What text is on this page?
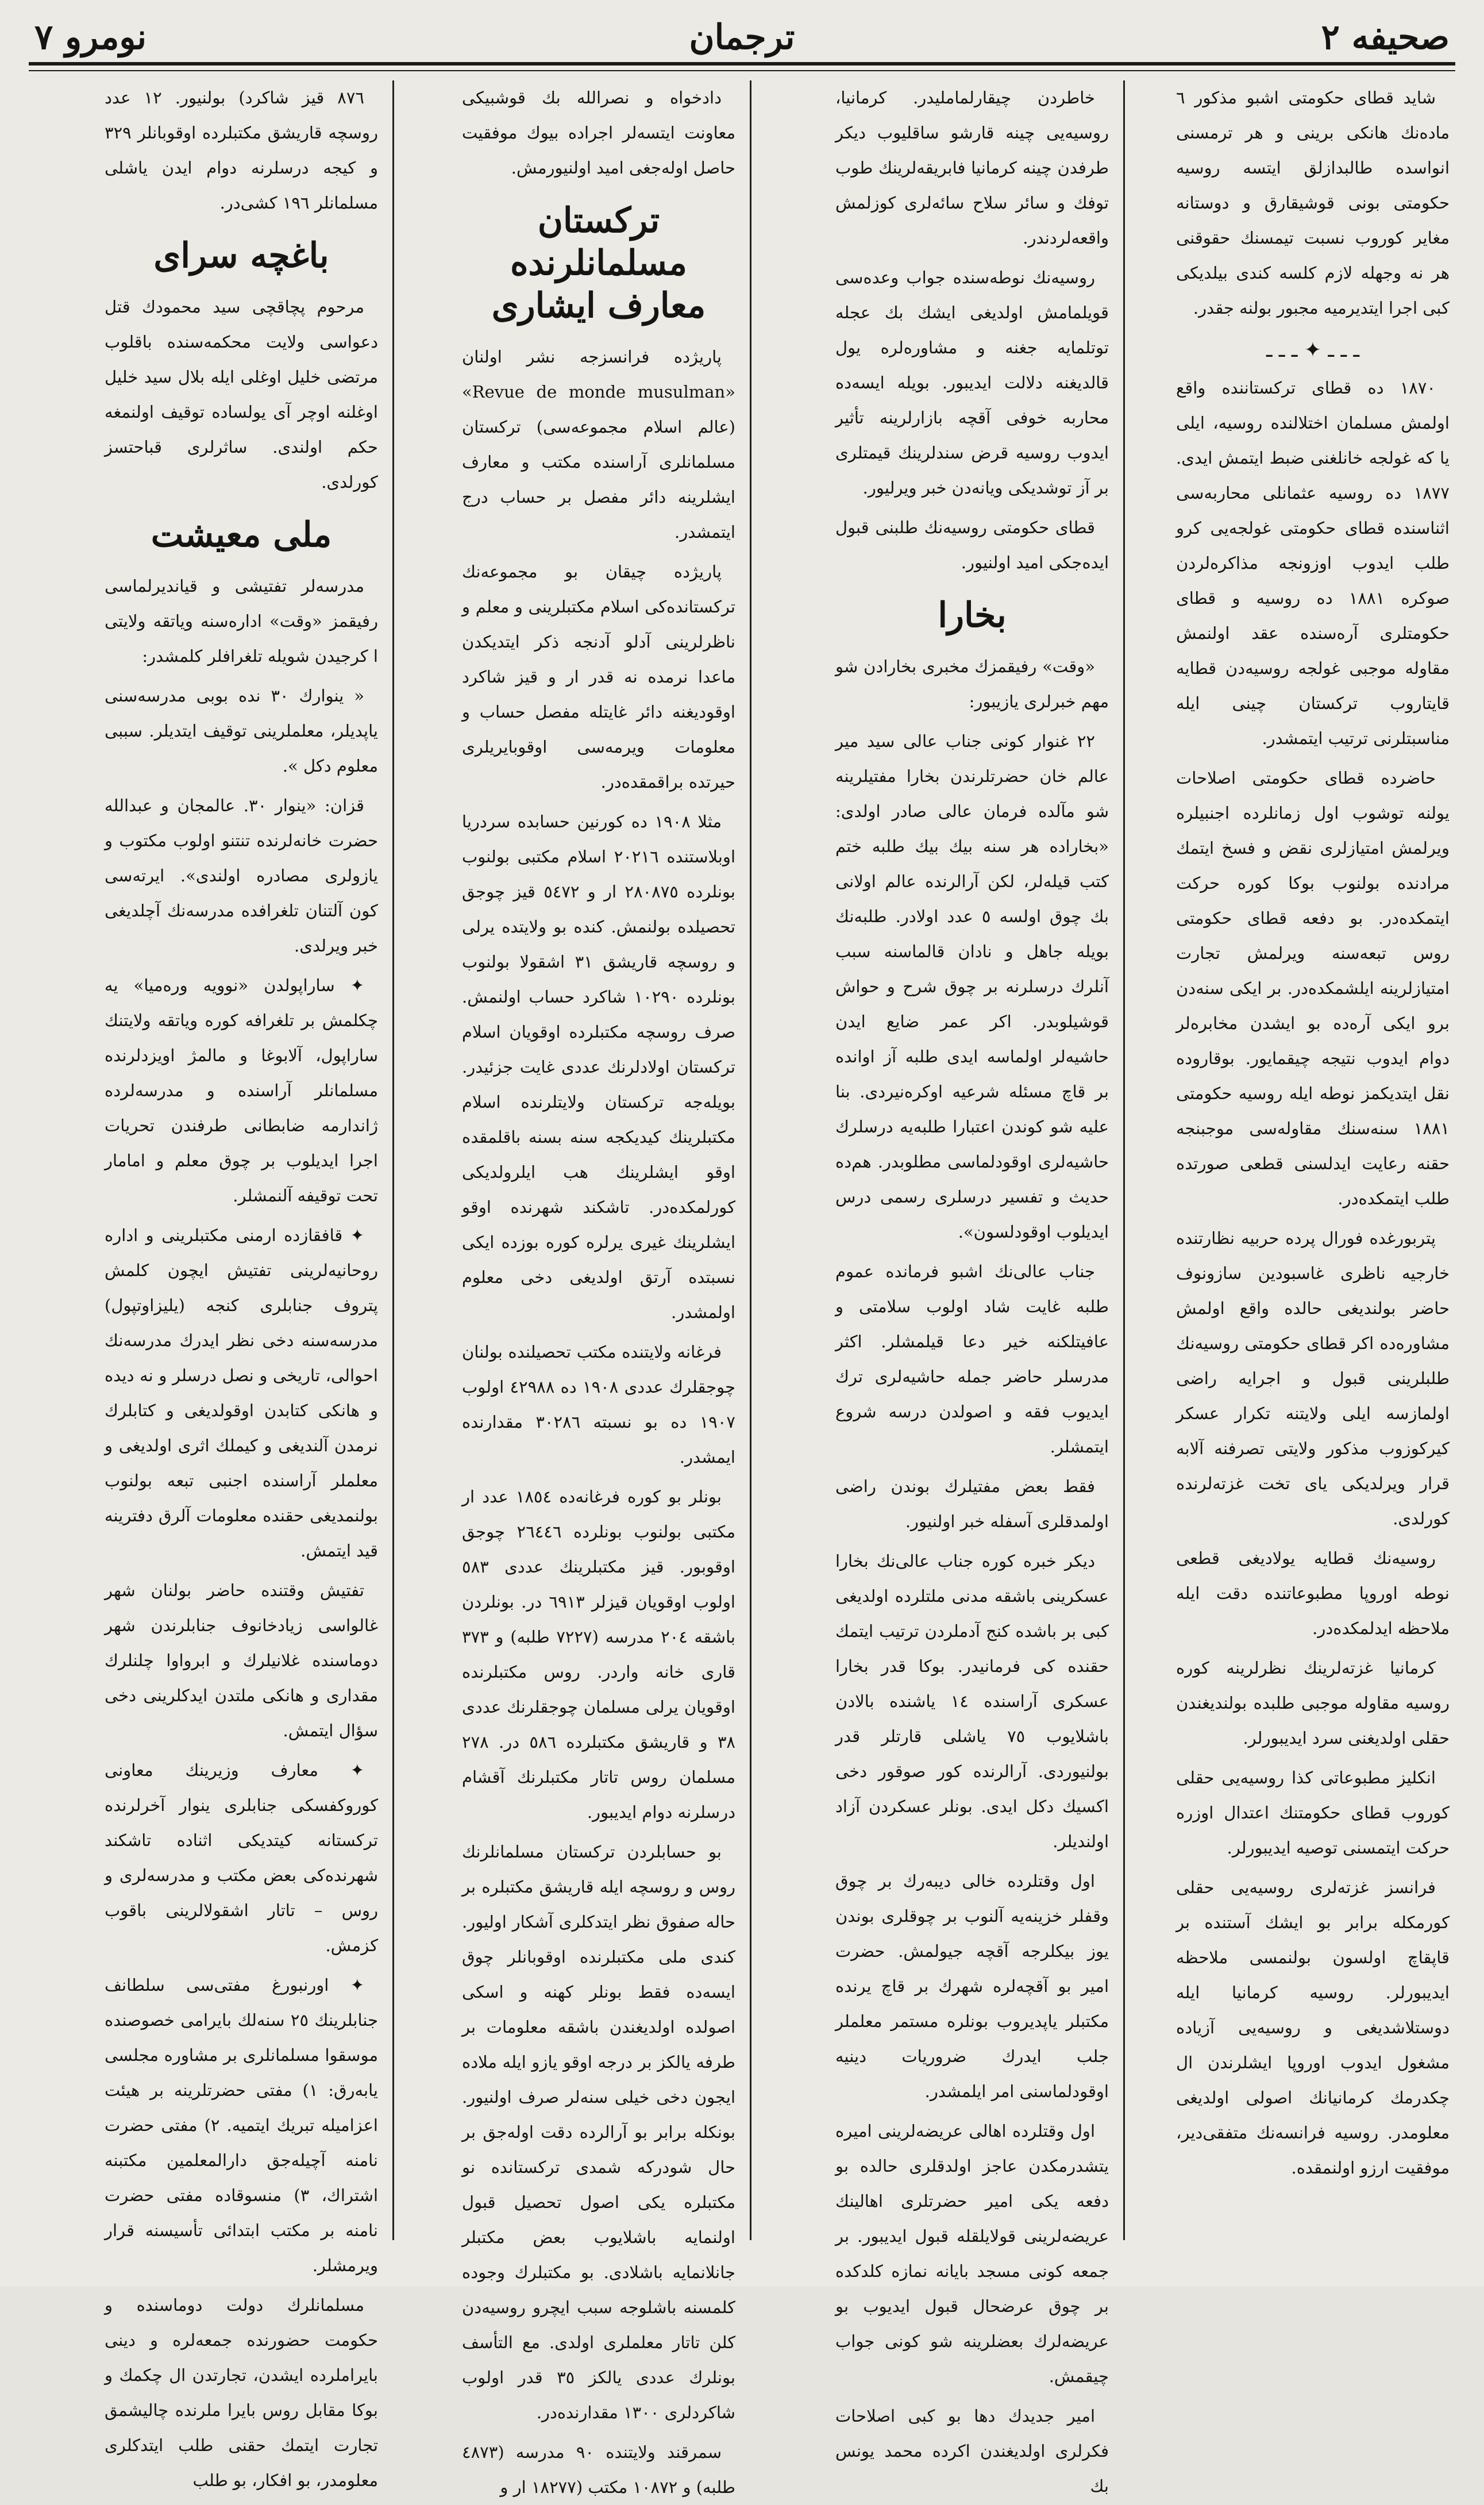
نومرو ۷	ترجمان	صحیفه ۲

شاید قطای حکومتی اشبو مذکور ٦ ماده‌نك هانکی برینی و هر ترمسنی انواسده طالبدازلق ایتسه روسیه حکومتی بونی قوشیقارق و دوستانه مغایر کوروب نسبت تیمسنك حقوقنی هر نه وجهله لازم کلسه کندی بیلدیکی کبی اجرا ایتدیرمیه مجبور بولنه جقدر.

ـ ـ ـ ✦ ـ ـ ـ

١٨٧٠ ده قطای ترکستاننده واقع اولمش مسلمان اختلالنده روسیه، ایلی یا که غولجه خانلغنی ضبط ایتمش ایدی. ١٨٧٧ ده روسیه عثمانلی محاربه‌سی اثناسنده قطای حکومتی غولجه‌یی کرو طلب ایدوب اوزونجه مذاکره‌لردن صوکره ١٨٨١ ده روسیه و قطای حکومتلری آره‌سنده عقد اولنمش مقاوله موجبی غولجه روسیه‌دن قطایه قایتاروب ترکستان چینی ایله مناسبتلرنی ترتیب ایتمشدر.

حاضرده قطای حکومتی اصلاحات یولنه توشوب اول زمانلرده اجنبیلره ویرلمش امتیازلری نقض و فسخ ایتمك مرادنده بولنوب بوکا کوره حرکت ایتمکده‌در. بو دفعه قطای حکومتی روس تبعه‌سنه ویرلمش تجارت امتیازلرینه ایلشمکده‌در. بر ایکی سنه‌دن برو ایکی آره‌ده بو ایشدن مخابره‌لر دوام ایدوب نتیجه چیقمایور. بوقاروده نقل ایتدیکمز نوطه ایله روسیه حکومتی ١٨٨١ سنه‌سنك مقاوله‌سی موجبنجه حقنه رعایت ایدلسنی قطعی صورتده طلب ایتمکده‌در.

پتربورغده فورال پرده حربیه نظارتنده خارجیه ناظری غاسبودین سازونوف حاضر بولندیغی حالده واقع اولمش مشاوره‌ده اکر قطای حکومتی روسیه‌نك طلبلرینی قبول و اجرایه راضی اولمازسه ایلی ولایتنه تکرار عسکر کیرکوزوب مذکور ولایتی تصرفنه آلابه قرار ویرلدیکی یای تخت غزته‌لرنده کورلدی.

روسیه‌نك قطایه یولادیغی قطعی نوطه اوروپا مطبوعاتنده دقت ایله ملاحظه ایدلمکده‌در.

کرمانیا غزته‌لرینك نظرلرینه کوره روسیه مقاوله موجبی طلبده بولندیغندن حقلی اولدیغنی سرد ایدیبورلر.

انکلیز مطبوعاتی کذا روسیه‌یی حقلی کوروب قطای حکومتنك اعتدال اوزره حرکت ایتمسنی توصیه ایدیبورلر.

فرانسز غزته‌لری روسیه‌یی حقلی کورمکله برابر بو ایشك آستنده بر قاپقاچ اولسون بولنمسی ملاحظه ایدیبورلر. روسیه کرمانیا ایله دوستلاشدیغی و روسیه‌یی آزیاده مشغول ایدوب اوروپا ایشلرندن ال چکدرمك کرمانیانك اصولی اولدیغی معلومدر. روسیه فرانسه‌نك متفقی‌دیر، موفقیت ارزو اولنمقده.

خاطردن چیقارلماملیدر. کرمانیا، روسیه‌یی چینه قارشو ساقلیوب دیکر طرفدن چینه کرمانیا فابریقه‌لرینك طوب توفك و سائر سلاح سائه‌لری کوزلمش واقعه‌لردندر.

روسیه‌نك نوطه‌سنده جواب وعده‌سی قویلمامش اولدیغی ایشك بك عجله توتلمایه جغنه و مشاوره‌لره یول قالدیغنه دلالت ایدیبور. بویله ایسه‌ده محاربه خوفی آقچه بازارلرینه تأثیر ایدوب روسیه قرض سندلرینك قیمتلری بر آز توشدیکی ویانه‌دن خبر ویرلیور.

قطای حکومتی روسیه‌نك طلبنی قبول ایده‌جکی امید اولنیور.

بخارا

«وقت» رفیقمزك مخبری بخارادن شو مهم خبرلری یازیبور:

٢٢ غنوار کونی جناب عالی سید میر عالم خان حضرتلرندن بخارا مفتیلرینه شو مآلده فرمان عالی صادر اولدی: «بخاراده هر سنه بیك بیك طلبه ختم کتب قیلەلر، لکن آرالرنده عالم اولانی بك چوق اولسه ٥ عدد اولادر. طلبه‌نك بویله جاهل و نادان قالماسنه سبب آنلرك درسلرنه بر چوق شرح و حواش قوشیلوبدر. اکر عمر ضایع ایدن حاشیه‌لر اولماسه ایدی طلبه آز اوانده بر قاچ مسئله شرعیه اوکره‌نیردی. بنا علیه شو کوندن اعتبارا طلبه‌یه درسلرك حاشیه‌لری اوقودلماسی مطلوبدر. هم‌ده حدیث و تفسیر درسلری رسمی درس ایدیلوب اوقودلسون».

جناب عالی‌نك اشبو فرمانده عموم طلبه غایت شاد اولوب سلامتی و عافیتلکنه خیر دعا قیلمشلر. اکثر مدرسلر حاضر جمله حاشیه‌لری ترك ایدیوب فقه و اصولدن درسه شروع ایتمشلر.

فقط بعض مفتیلرك بوندن راضی اولمدقلری آسفله خبر اولنیور.

دیکر خبره کوره جناب عالی‌نك بخارا عسکرینی باشقه مدنی ملتلرده اولدیغی کبی بر باشده کنج آدملردن ترتیب ایتمك حقنده کی فرمانیدر. بوکا قدر بخارا عسکری آراسنده ١٤ یاشنده بالادن باشلایوب ٧٥ یاشلی قارتلر قدر بولنیوردی. آرالرنده کور صوقور دخی اکسیك دکل ایدی. بونلر عسکردن آزاد اولندیلر.

اول وقتلرده خالی دیبه‌رك بر چوق وقفلر خزینه‌یه آلنوب بر چوقلری بوندن یوز بیکلرجه آقچه جیولمش. حضرت امیر بو آقچه‌لره شهرك بر قاچ یرنده مکتبلر یاپدیروب بونلره مستمر معلملر جلب ایدرك ضروریات دینیه اوقودلماسنی امر ایلمشدر.

اول وقتلرده اهالی عریضه‌لرینی امیره یتشدرمکدن عاجز اولدقلری حالده بو دفعه یکی امیر حضرتلری اهالینك عریضه‌لرینی قولایلقله قبول ایدیبور. بر جمعه کونی مسجد بایانه نمازه کلدکده بر چوق عرضحال قبول ایدیوب بو عریضه‌لرك بعضلرینه شو کونی جواب چیقمش.

امیر جدیدك دها بو کبی اصلاحات فکرلری اولدیغندن اکرده محمد یونس بك

دادخواه و نصرالله بك قوشبیکی معاونت ایتسه‌لر اجراده بیوك موفقیت حاصل اوله‌جغی امید اولنیورمش.

ترکستان مسلمانلرنده معارف ایشاری

پاریژده فرانسزجه نشر اولنان «Revue de monde musulman» (عالم اسلام مجموعه‌سی) ترکستان مسلمانلری آراسنده مکتب و معارف ایشلرینه دائر مفصل بر حساب درج ایتمشدر.

پاریژده چیقان بو مجموعه‌نك ترکستانده‌کی اسلام مکتبلرینی و معلم و ناظرلرینی آدلو آدنجه ذکر ایتدیکدن ماعدا نرمده نه قدر ار و قیز شاکرد اوقودیغنه دائر غایتله مفصل حساب و معلومات ویرمه‌سی اوقوبایریلری حیرتده براقمقده‌در.

مثلا ١٩٠٨ ده کورنین حسابده سردریا اوبلاستنده ٢٠٢١٦ اسلام مکتبی بولنوب بونلرده ٢٨٠٨٧٥ ار و ٥٤٧٢ قیز چوجق تحصیلده بولنمش. کنده بو ولایتده یرلی و روسچه قاریشق ٣١ اشقولا بولنوب بونلرده ١٠٢٩٠ شاکرد حساب اولنمش. صرف روسچه مکتبلرده اوقویان اسلام ترکستان اولادلرنك عددی غایت جزئیدر. بویله‌جه ترکستان ولایتلرنده اسلام مکتبلرینك کیدیکجه سنه بسنه باقلمقده اوقو ایشلرینك هب ایلرولدیکی کورلمکده‌در. تاشکند شهرنده اوقو ایشلرینك غیری یرلره کوره بوزده ایکی نسبتده آرتق اولدیغی دخی معلوم اولمشدر.

فرغانه ولایتنده مکتب تحصیلنده بولنان چوجقلرك عددی ١٩٠٨ ده ٤٢٩٨٨ اولوب ١٩٠٧ ده بو نسبته ٣٠٢٨٦ مقدارنده ایمشدر.

بونلر بو کوره فرغانه‌ده ١٨٥٤ عدد ار مکتبی بولنوب بونلرده ٢٦٤٤٦ چوجق اوقوبور. قیز مکتبلرینك عددی ٥٨٣ اولوب اوقویان قیزلر ٦٩١٣ در. بونلردن باشقه ٢٠٤ مدرسه (٧٢٢٧ طلبه) و ٣٧٣ قاری خانه واردر. روس مکتبلرنده اوقویان یرلی مسلمان چوجقلرنك عددی ٣٨ و قاریشق مکتبلرده ٥٨٦ در. ٢٧٨ مسلمان روس تاتار مکتبلرنك آقشام درسلرنه دوام ایدیبور.

بو حسابلردن ترکستان مسلمانلرنك روس و روسچه ایله قاریشق مکتبلره بر حاله صفوق نظر ایتدکلری آشکار اولیور. کندی ملی مکتبلرنده اوقوبانلر چوق ایسه‌ده فقط بونلر کهنه و اسکی اصولده اولدیغندن باشقه معلومات بر طرفه یالکز بر درجه اوقو یازو ایله ملاده ایجون دخی خیلی سنه‌لر صرف اولنیور. بونکله برابر بو آرالرده دقت اوله‌جق بر حال شودرکه شمدی ترکستانده نو مکتبلره یکی اصول تحصیل قبول اولنمایه باشلایوب بعض مکتبلر جانلانمایه باشلادی. بو مکتبلرك وجوده کلمسنه باشلوجه سبب ایچرو روسیه‌دن کلن تاتار معلملری اولدی. مع التأسف بونلرك عددی یالکز ٣٥ قدر اولوب شاکردلری ١٣٠٠ مقدارنده‌در.

سمرقند ولایتنده ٩٠ مدرسه (٤٨٧٣ طلبه) و ١٠٨٧٢ مکتب (١٨٢٧٧ ار و

٨٧٦ قیز شاکرد) بولنیور. ١٢ عدد روسچه قاریشق مکتبلرده اوقوبانلر ٣٢٩ و کیجه درسلرنه دوام ایدن یاشلی مسلمانلر ١٩٦ کشی‌در.

باغچه سرای

مرحوم پچاقچی سید محمودك قتل دعواسی ولایت محکمه‌سنده باقلوب مرتضی خلیل اوغلی ایله بلال سید خلیل اوغلنه اوچر آی یولساده توقیف اولنمغه حکم اولندی. ساثرلری قباحتسز کورلدی.

ملی معیشت

مدرسه‌لر تفتیشی و قیاندیرلماسی رفیقمز «وقت» ادارەسنه ویاتقه ولایتی ا کرجیدن شویله تلغرافلر کلمشدر:

« ینوارك ٣٠ نده بوبی مدرسه‌سنی یاپدیلر، معلملرینی توقیف ایتدیلر. سببی معلوم دکل ».

قزان: «ینوار ٣٠. عالمجان و عبدالله حضرت خانه‌لرنده تنتنو اولوب مکتوب و یازولری مصادره اولندی». ایرته‌سی کون آلتنان تلغرافده مدرسه‌نك آچلدیغی خبر ویرلدی.

✦ ساراپولدن «نوویه وره‌میا» یه چکلمش بر تلغرافه کوره ویاتقه ولایتنك ساراپول، آلابوغا و مالمژ اویزدلرنده مسلمانلر آراسنده و مدرسه‌لرده ژاندارمه ضابطانی طرفندن تحریات اجرا ایدیلوب بر چوق معلم و امامار تحت توقیفه آلنمشلر.

✦ قافقازده ارمنی مکتبلرینی و اداره روحانیه‌لرینی تفتیش ایچون کلمش پتروف جنابلری کنجه (یلیزاوتپول) مدرسه‌سنه دخی نظر ایدرك مدرسه‌نك احوالی، تاریخی و نصل درسلر و نه دیده و هانکی کتابدن اوقولدیغی و کتابلرك نرمدن آلندیغی و کیملك اثری اولدیغی و معلملر آراسنده اجنبی تبعه بولنوب بولنمدیغی حقنده معلومات آلرق دفترینه قید ایتمش.

تفتیش وقتنده حاضر بولنان شهر غالواسی زیادخانوف جنابلرندن شهر دوماسنده غلانیلرك و ابرواوا چلنلرك مقداری و هانکی ملتدن ایدکلرینی دخی سؤال ایتمش.

✦ معارف وزیرینك معاونی کوروکفسکی جنابلری ینوار آخرلرنده ترکستانه کیتدیکی اثناده تاشکند شهرنده‌کی بعض مکتب و مدرسه‌لری و روس – تاتار اشقولالرینی باقوب کزمش.

✦ اورنبورغ مفتی‌سی سلطانف جنابلرینك ٢٥ سنه‌لك بایرامی خصوصنده موسقوا مسلمانلری بر مشاوره مجلسی یابه‌رق: ١) مفتی حضرتلرینه بر هیئت اعزامیله تبریك ایتمیه. ٢) مفتی حضرت نامنه آچیله‌جق دارالمعلمین مکتبنه اشتراك، ٣) منسوقاده مفتی حضرت نامنه بر مکتب ابتدائی تأسیسنه قرار ویرمشلر.

مسلمانلرك دولت دوماسنده و حکومت حضورنده جمعه‌لره و دینی بایراملرده ایشدن، تجارتدن ال چکمك و بوکا مقابل روس بایرا ملرنده چالیشمق تجارت ایتمك حقنی طلب ایتدکلری معلومدر، بو افکار، بو طلب
